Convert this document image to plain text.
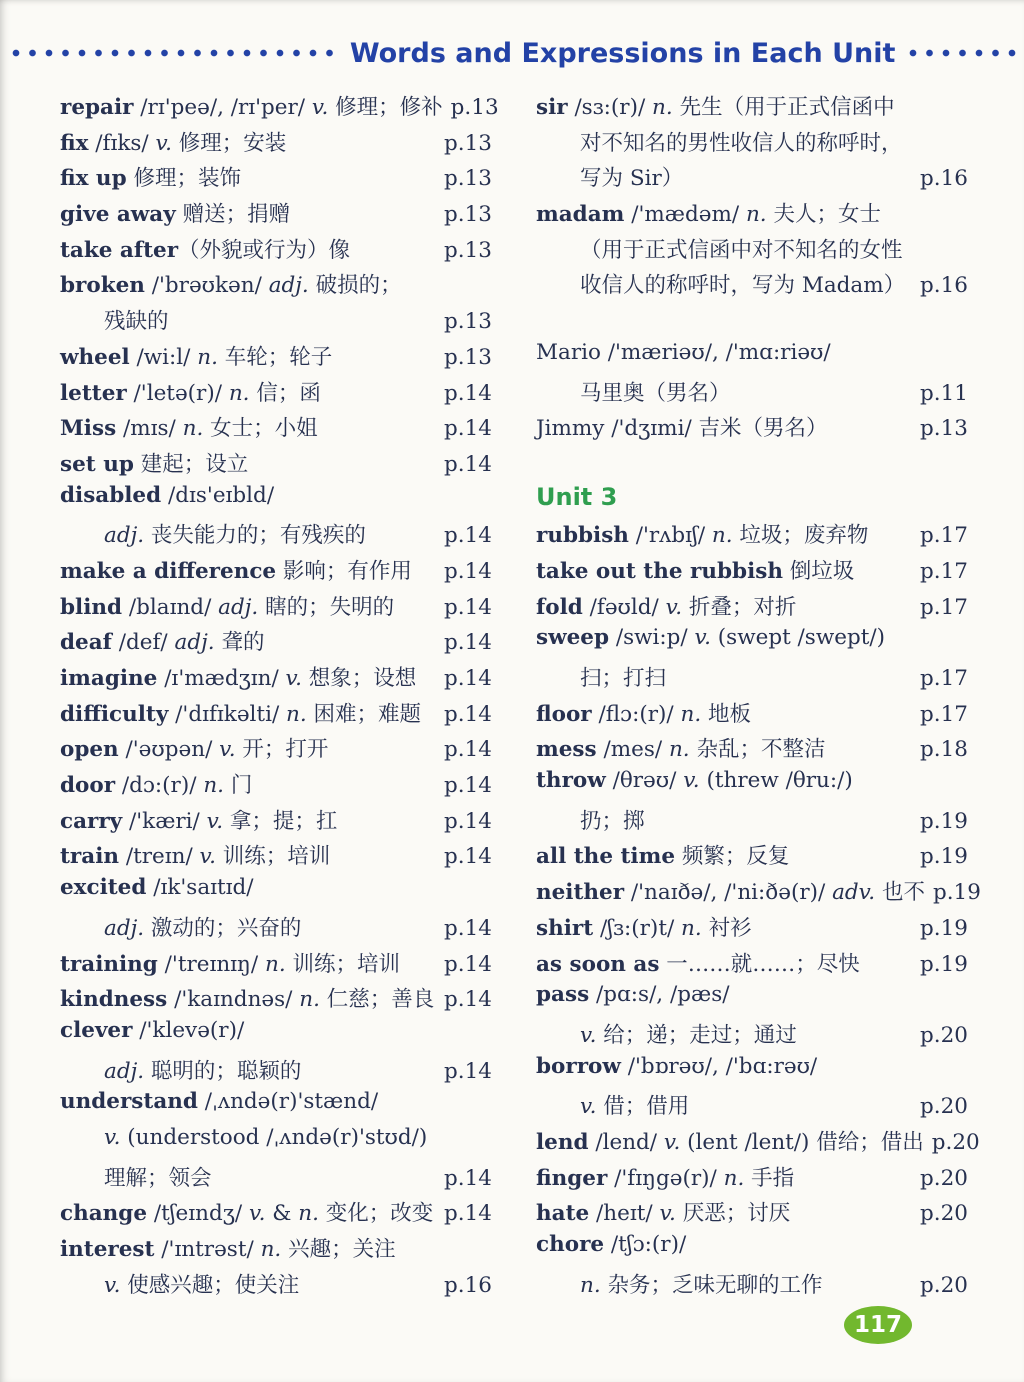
Words and Expressions in Each Unit
repair /rɪ'peə/, /rɪ'per/ v. 修理；修补 p.13
fix /fɪks/ v. 修理；安装	p.13
fix up 修理；装饰	p.13
give away 赠送；捐赠	p.13
take after（外貌或行为）像	p.13
broken /'brəʊkən/ adj. 破损的；
残缺的	p.13
wheel /wi:l/ n. 车轮；轮子	p.13
letter /'letə(r)/ n. 信；函	p.14
Miss /mɪs/ n. 女士；小姐	p.14
set up 建起；设立	p.14
disabled /dɪs'eɪbld/
adj. 丧失能力的；有残疾的	p.14
make a difference 影响；有作用	p.14
blind /blaɪnd/ adj. 瞎的；失明的	p.14
deaf /def/ adj. 聋的	p.14
imagine /ɪ'mædʒɪn/ v. 想象；设想	p.14
difficulty /'dɪfɪkəlti/ n. 困难；难题	p.14
open /'əʊpən/ v. 开；打开	p.14
door /dɔ:(r)/ n. 门	p.14
carry /'kæri/ v. 拿；提；扛	p.14
train /treɪn/ v. 训练；培训	p.14
excited /ɪk'saɪtɪd/
adj. 激动的；兴奋的	p.14
training /'treɪnɪŋ/ n. 训练；培训	p.14
kindness /'kaɪndnəs/ n. 仁慈；善良 p.14
clever /'klevə(r)/
adj. 聪明的；聪颖的	p.14
understand /ˌʌndə(r)'stænd/
v. (understood /ˌʌndə(r)'stʊd/)
理解；领会	p.14
change /tʃeɪndʒ/ v. & n. 变化；改变 p.14
interest /'ɪntrəst/ n. 兴趣；关注
v. 使感兴趣；使关注	p.16
sir /sɜ:(r)/ n. 先生（用于正式信函中
对不知名的男性收信人的称呼时，
写为 Sir）	p.16
madam /'mædəm/ n. 夫人；女士
（用于正式信函中对不知名的女性
收信人的称呼时，写为 Madam） p.16
Mario /'mæriəʊ/, /'mɑ:riəʊ/
马里奥（男名）	p.11
Jimmy /'dʒɪmi/ 吉米（男名）	p.13
Unit 3
rubbish /'rʌbɪʃ/ n. 垃圾；废弃物	p.17
take out the rubbish 倒垃圾	p.17
fold /fəʊld/ v. 折叠；对折	p.17
sweep /swi:p/ v. (swept /swept/)
扫；打扫	p.17
floor /flɔ:(r)/ n. 地板	p.17
mess /mes/ n. 杂乱；不整洁	p.18
throw /θrəʊ/ v. (threw /θru:/)
扔；掷	p.19
all the time 频繁；反复	p.19
neither /'naɪðə/, /'ni:ðə(r)/ adv. 也不 p.19
shirt /ʃɜ:(r)t/ n. 衬衫	p.19
as soon as 一……就……；尽快	p.19
pass /pɑ:s/, /pæs/
v. 给；递；走过；通过	p.20
borrow /'bɒrəʊ/, /'bɑ:rəʊ/
v. 借；借用	p.20
lend /lend/ v. (lent /lent/) 借给；借出 p.20
finger /'fɪŋgə(r)/ n. 手指	p.20
hate /heɪt/ v. 厌恶；讨厌	p.20
chore /tʃɔ:(r)/
n. 杂务；乏味无聊的工作	p.20
117
